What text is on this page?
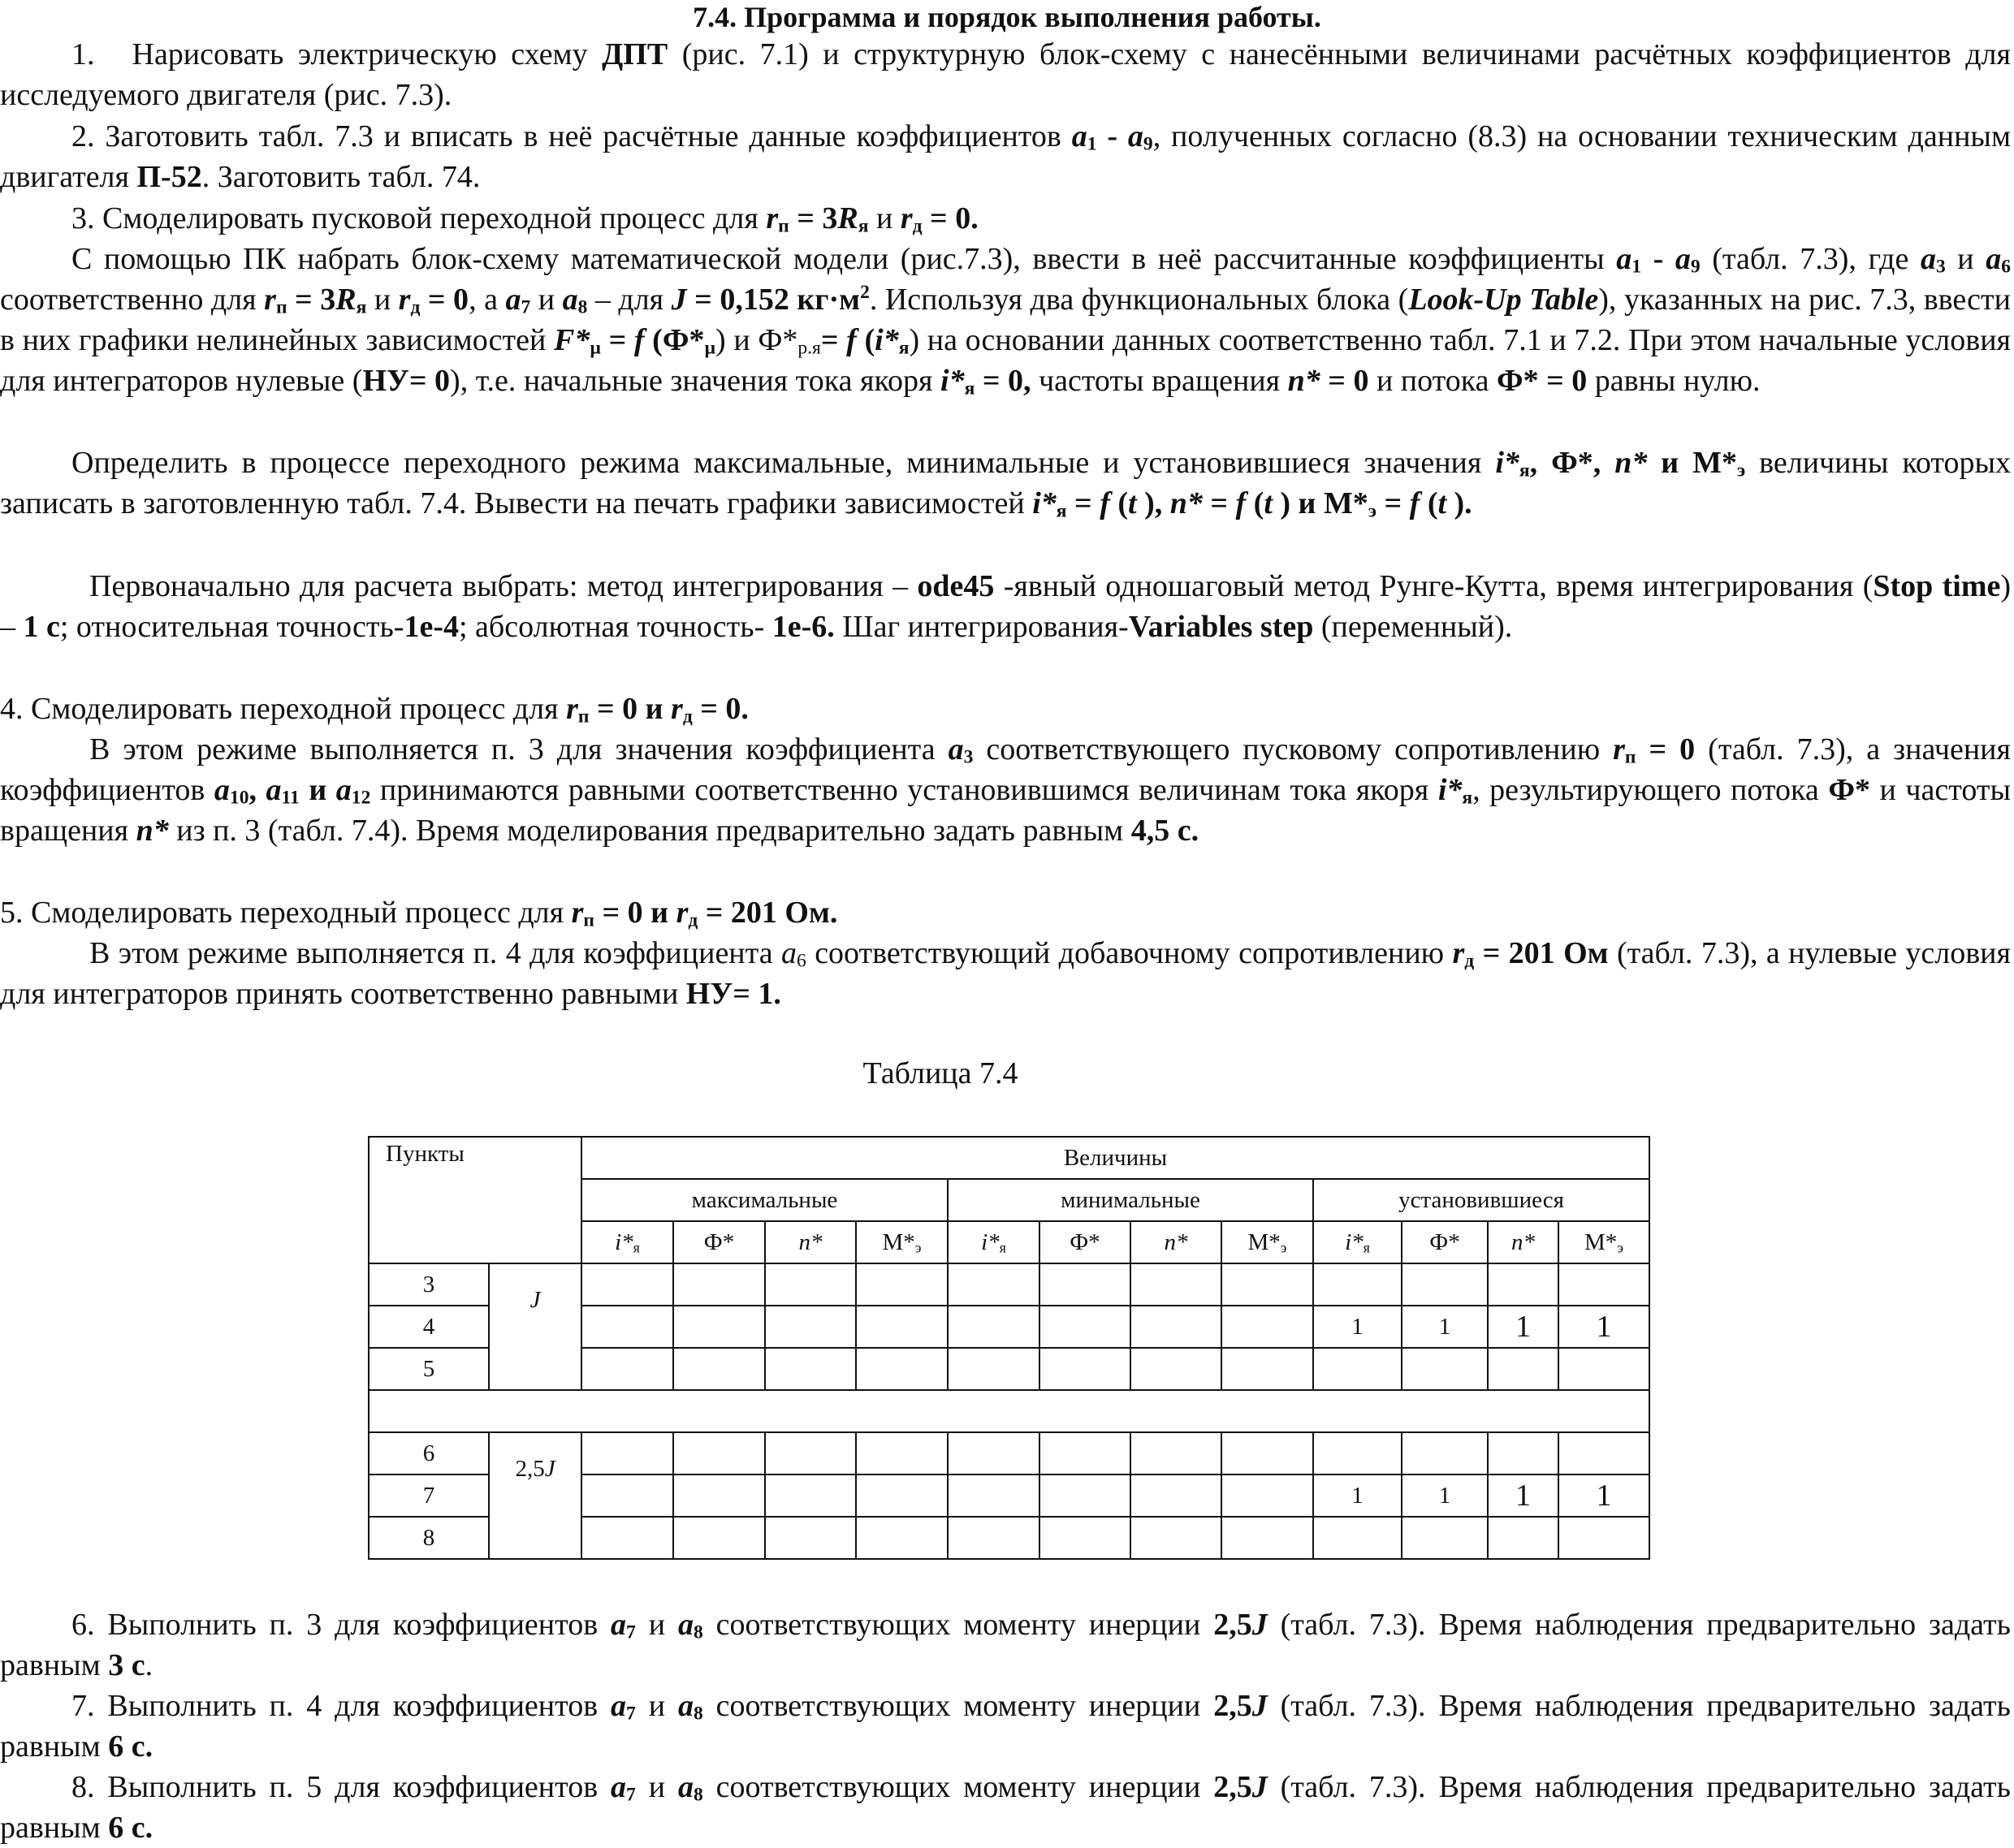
7.4. Программа и порядок выполнения работы.
1. Нарисовать электрическую схему ДПТ (рис. 7.1) и структурную блок-схему с нанесёнными величинами расчётных коэффициентов для исследуемого двигателя (рис. 7.3).
2. Заготовить табл. 7.3 и вписать в неё расчётные данные коэффициентов $a_1 - a_9$, полученных согласно (8.3) на основании техническим данным двигателя П-52. Заготовить табл. 74.
3. Смоделировать пусковой переходной процесс для $r_п = 3R_я$ и $r_д = 0$.
С помощью ПК набрать блок-схему математической модели (рис.7.3), ввести в неё рассчитанные коэффициенты $a_1 - a_9$ (табл. 7.3), где $a_3$ и $a_6$ соответственно для $r_п = 3R_я$ и $r_д = 0$, а $a_7$ и $a_8$ – для J = 0,152 $кг\cdot м^2$. Используя два функциональных блока (Look-Up Table), указанных на рис. 7.3, ввести в них графики нелинейных зависимостей $F*_\mu = f$ $(Ф*_\mu)$ и $Ф*_{р.я}= f$ $(i*_я)$ на основании данных соответственно табл. 7.1 и 7.2. При этом начальные условия для интеграторов нулевые (НУ= 0), т.е. начальные значения тока якоря $i*_я = 0$, частоты вращения n* = 0 и потока Ф* = 0 равны нулю.
Определить в процессе переходного режима максимальные, минимальные и установившиеся значения $i*_я$, Ф*, n* и $М*_э$ величины которых записать в заготовленную табл. 7.4. Вывести на печать графики зависимостей $i*_я = f$ (t ), n* = f (t ) и $М*_э = f$ (t ).
Первоначально для расчета выбрать: метод интегрирования – ode45 -явный одношаговый метод Рунге-Кутта, время интегрирования (Stop time) – 1 с; относительная точность-1е-4; абсолютная точность- 1е-6. Шаг интегрирования-Variables step (переменный).
4. Смоделировать переходной процесс для $r_п = 0$ и $r_д = 0$.
В этом режиме выполняется п. 3 для значения коэффициента $a_3$ соответствующего пусковому сопротивлению $r_п = 0$ (табл. 7.3), а значения коэффициентов $a_{10}$, $a_{11}$ и $a_{12}$ принимаются равными соответственно установившимся величинам тока якоря $i*_я$, результирующего потока Ф* и частоты вращения n* из п. 3 (табл. 7.4). Время моделирования предварительно задать равным 4,5 с.
5. Смоделировать переходный процесс для $r_п = 0$ и $r_д = 201$ Ом.
В этом режиме выполняется п. 4 для коэффициента $a_6$ соответствующий добавочному сопротивлению $r_д = 201$ Ом (табл. 7.3), а нулевые условия для интеграторов принять соответственно равными НУ= 1.
Таблица 7.4
Пункты		Величины											
		максимальные				минимальные				установившиеся			
		$i*_я$	Ф*	n*	$М*_э$	$i*_я$	Ф*	n*	$М*_э$	$i*_я$	Ф*	n*	$М*_э$
3	J												
4										1	1	1	1
5													

6	2,5J												
7										1	1	1	1
8													
6. Выполнить п. 3 для коэффициентов $a_7$ и $a_8$ соответствующих моменту инерции 2,5J (табл. 7.3). Время наблюдения предварительно задать равным 3 с.
7. Выполнить п. 4 для коэффициентов $a_7$ и $a_8$ соответствующих моменту инерции 2,5J (табл. 7.3). Время наблюдения предварительно задать равным 6 с.
8. Выполнить п. 5 для коэффициентов $a_7$ и $a_8$ соответствующих моменту инерции 2,5J (табл. 7.3). Время наблюдения предварительно задать равным 6 с.
